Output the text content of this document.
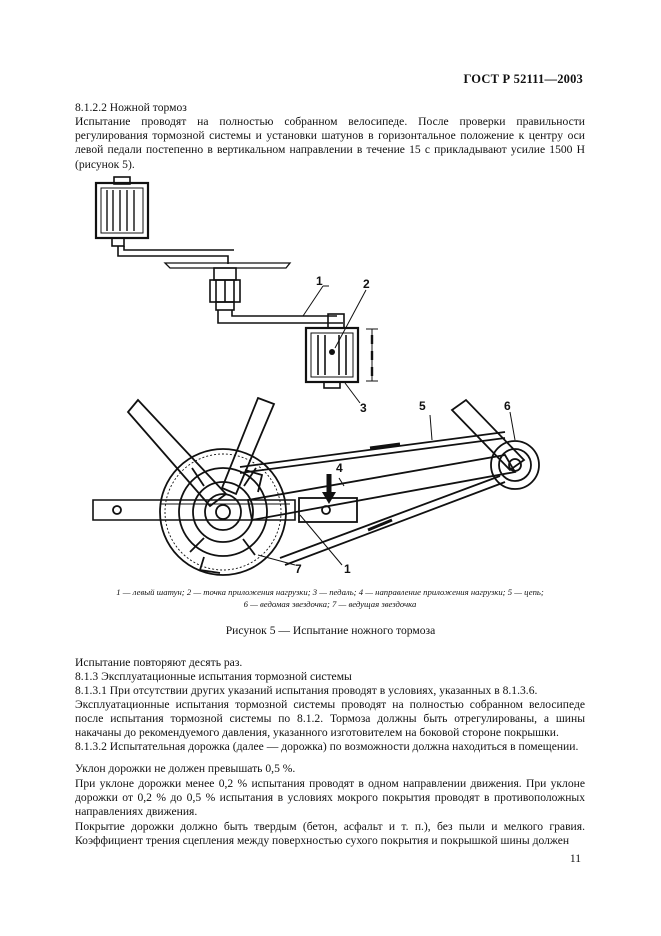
ГОСТ Р 52111—2003
8.1.2.2 Ножной тормоз
Испытание проводят на полностью собранном велосипеде. После проверки правильности регулирования тормозной системы и установки шатунов в горизонтальное положение к центру оси левой педали постепенно в вертикальном направлении в течение 15 с прикладывают усилие 1500 Н (рисунок 5).
1	2
3
4
5	6
7	1
1 — левый шатун; 2 — точка приложения нагрузки; 3 — педаль; 4 — направление приложения нагрузки; 5 — цепь;
6 — ведомая звездочка; 7 — ведущая звездочка
Рисунок 5 — Испытание ножного тормоза
Испытание повторяют десять раз.
8.1.3 Эксплуатационные испытания тормозной системы
8.1.3.1 При отсутствии других указаний испытания проводят в условиях, указанных в 8.1.3.6.
Эксплуатационные испытания тормозной системы проводят на полностью собранном велосипеде после испытания тормозной системы по 8.1.2. Тормоза должны быть отрегулированы, а шины накачаны до рекомендуемого давления, указанного изготовителем на боковой стороне покрышки.
8.1.3.2 Испытательная дорожка (далее — дорожка) по возможности должна находиться в помещении.
Уклон дорожки не должен превышать 0,5 %.
При уклоне дорожки менее 0,2 % испытания проводят в одном направлении движения. При уклоне дорожки от 0,2 % до 0,5 % испытания в условиях мокрого покрытия проводят в противоположных направлениях движения.
Покрытие дорожки должно быть твердым (бетон, асфальт и т. п.), без пыли и мелкого гравия. Коэффициент трения сцепления между поверхностью сухого покрытия и покрышкой шины должен
11
